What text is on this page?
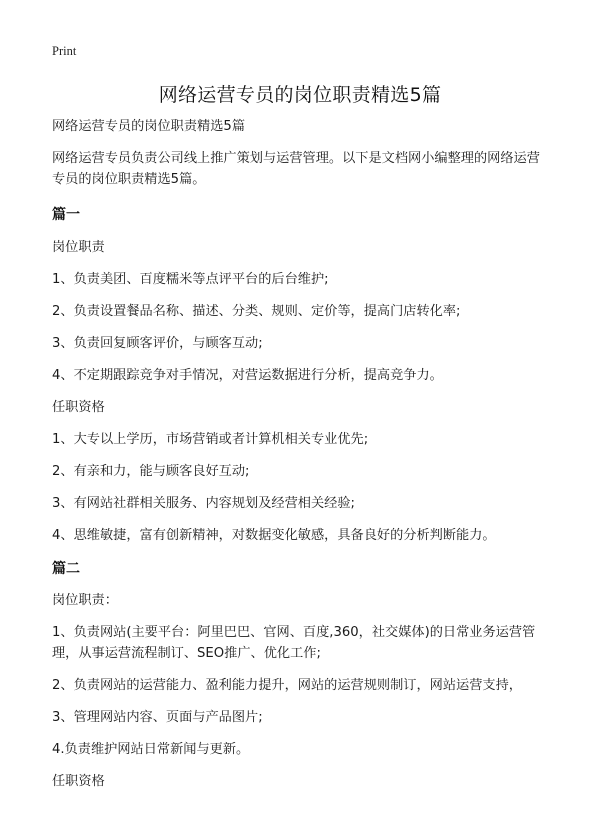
Print
网络运营专员的岗位职责精选5篇

网络运营专员的岗位职责精选5篇

网络运营专员负责公司线上推广策划与运营管理。以下是文档网小编整理的网络运营专员的岗位职责精选5篇。

篇一

岗位职责

1、负责美团、百度糯米等点评平台的后台维护;

2、负责设置餐品名称、描述、分类、规则、定价等，提高门店转化率;

3、负责回复顾客评价，与顾客互动;

4、不定期跟踪竞争对手情况，对营运数据进行分析，提高竞争力。

任职资格

1、大专以上学历，市场营销或者计算机相关专业优先;

2、有亲和力，能与顾客良好互动;

3、有网站社群相关服务、内容规划及经营相关经验;

4、思维敏捷，富有创新精神，对数据变化敏感，具备良好的分析判断能力。

篇二

岗位职责：

1、负责网站(主要平台：阿里巴巴、官网、百度,360，社交媒体)的日常业务运营管理，从事运营流程制订、SEO推广、优化工作;

2、负责网站的运营能力、盈利能力提升，网站的运营规则制订，网站运营支持，

3、管理网站内容、页面与产品图片;

4.负责维护网站日常新闻与更新。

任职资格
